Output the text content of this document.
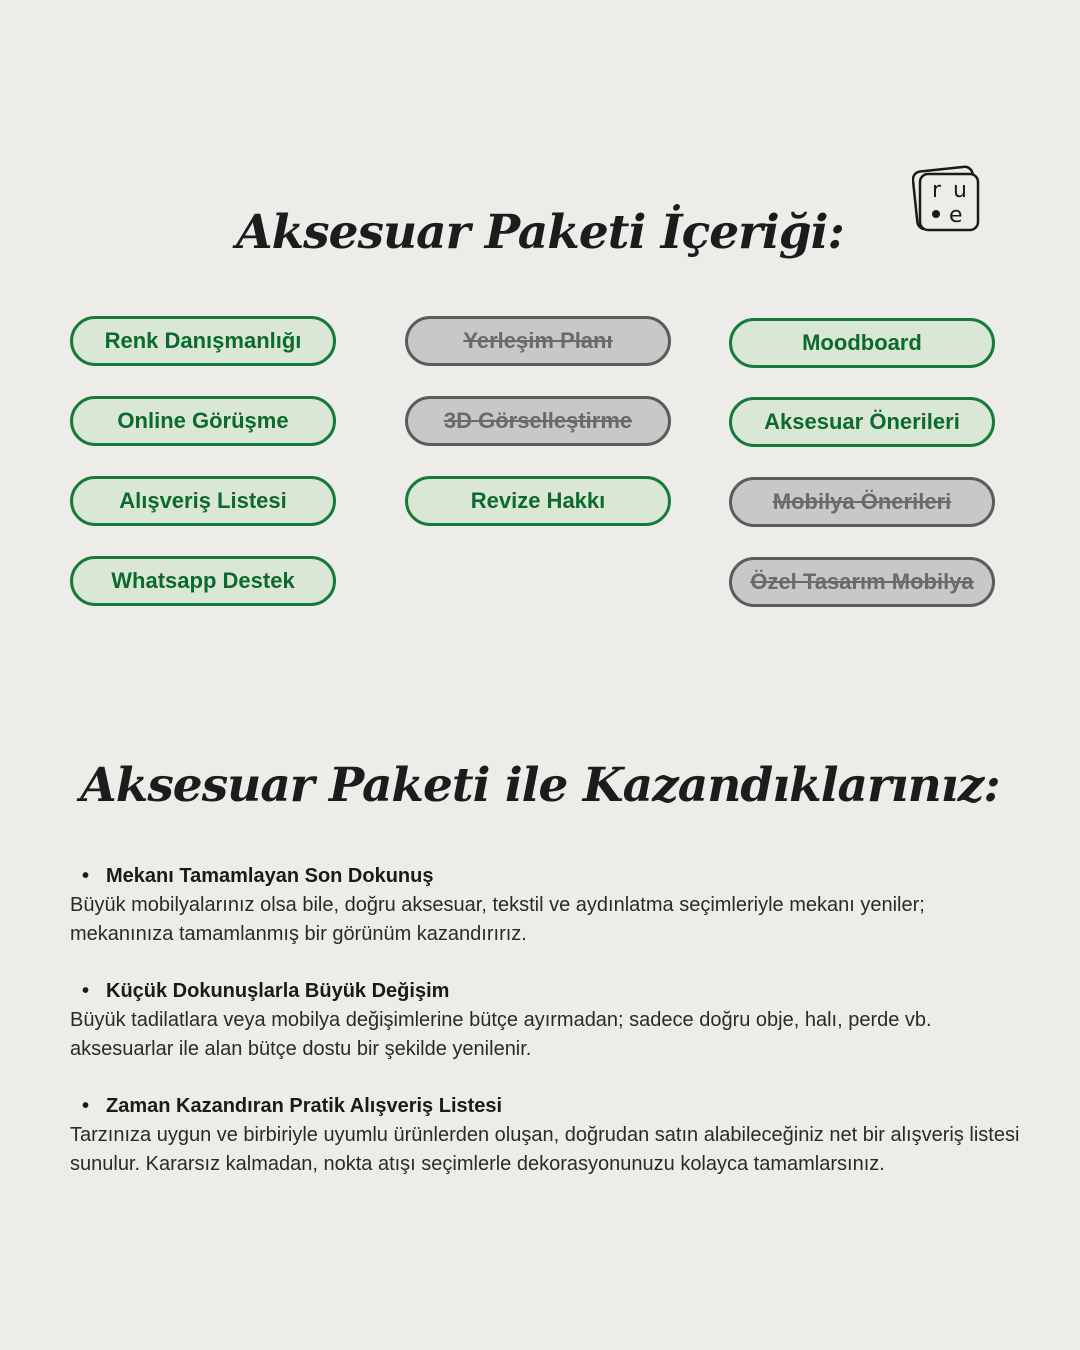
r u
e
Aksesuar Paketi İçeriği:
Renk Danışmanlığı
Online Görüşme
Alışveriş Listesi
Whatsapp Destek
Yerleşim Planı
3D Görselleştirme
Revize Hakkı
Moodboard
Aksesuar Önerileri
Mobilya Önerileri
Özel Tasarım Mobilya
Aksesuar Paketi ile Kazandıklarınız:
• Mekanı Tamamlayan Son Dokunuş

Büyük mobilyalarınız olsa bile, doğru aksesuar, tekstil ve aydınlatma seçimleriyle mekanı yeniler; mekanınıza tamamlanmış bir görünüm kazandırırız.

• Küçük Dokunuşlarla Büyük Değişim

Büyük tadilatlara veya mobilya değişimlerine bütçe ayırmadan; sadece doğru obje, halı, perde vb. aksesuarlar ile alan bütçe dostu bir şekilde yenilenir.

• Zaman Kazandıran Pratik Alışveriş Listesi

Tarzınıza uygun ve birbiriyle uyumlu ürünlerden oluşan, doğrudan satın alabileceğiniz net bir alışveriş listesi sunulur. Kararsız kalmadan, nokta atışı seçimlerle dekorasyonunuzu kolayca tamamlarsınız.
